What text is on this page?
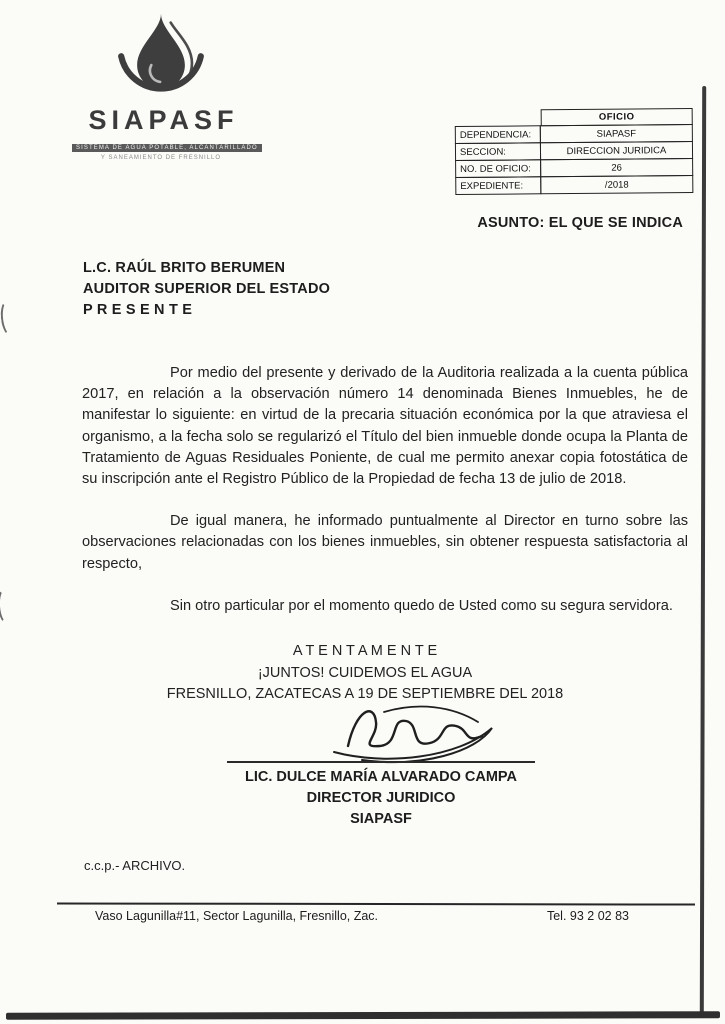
SIAPASF
SISTEMA DE AGUA POTABLE, ALCANTARILLADO
Y SANEAMIENTO DE FRESNILLO
OFICIO
DEPENDENCIA:	SIAPASF
SECCION:	DIRECCION JURIDICA
NO. DE OFICIO:	26
EXPEDIENTE:	/2018
ASUNTO: EL QUE SE INDICA
L.C. RAÚL BRITO BERUMEN
AUDITOR SUPERIOR DEL ESTADO
P R E S E N T E

Por medio del presente y derivado de la Auditoria realizada a la cuenta pública 2017, en relación a la observación número 14 denominada Bienes Inmuebles, he de manifestar lo siguiente: en virtud de la precaria situación económica por la que atraviesa el organismo, a la fecha solo se regularizó el Título del bien inmueble donde ocupa la Planta de Tratamiento de Aguas Residuales Poniente, de cual me permito anexar copia fotostática de su inscripción ante el Registro Público de la Propiedad de fecha 13 de julio de 2018.

De igual manera, he informado puntualmente al Director en turno sobre las observaciones relacionadas con los bienes inmuebles, sin obtener respuesta satisfactoria al respecto,

Sin otro particular por el momento quedo de Usted como su segura servidora.

A T E N T A M E N T E
¡JUNTOS! CUIDEMOS EL AGUA
FRESNILLO, ZACATECAS A 19 DE SEPTIEMBRE DEL 2018
LIC. DULCE MARÍA ALVARADO CAMPA
DIRECTOR JURIDICO
SIAPASF
c.c.p.- ARCHIVO.
Vaso Lagunilla#11, Sector Lagunilla, Fresnillo, Zac.	Tel. 93 2 02 83
